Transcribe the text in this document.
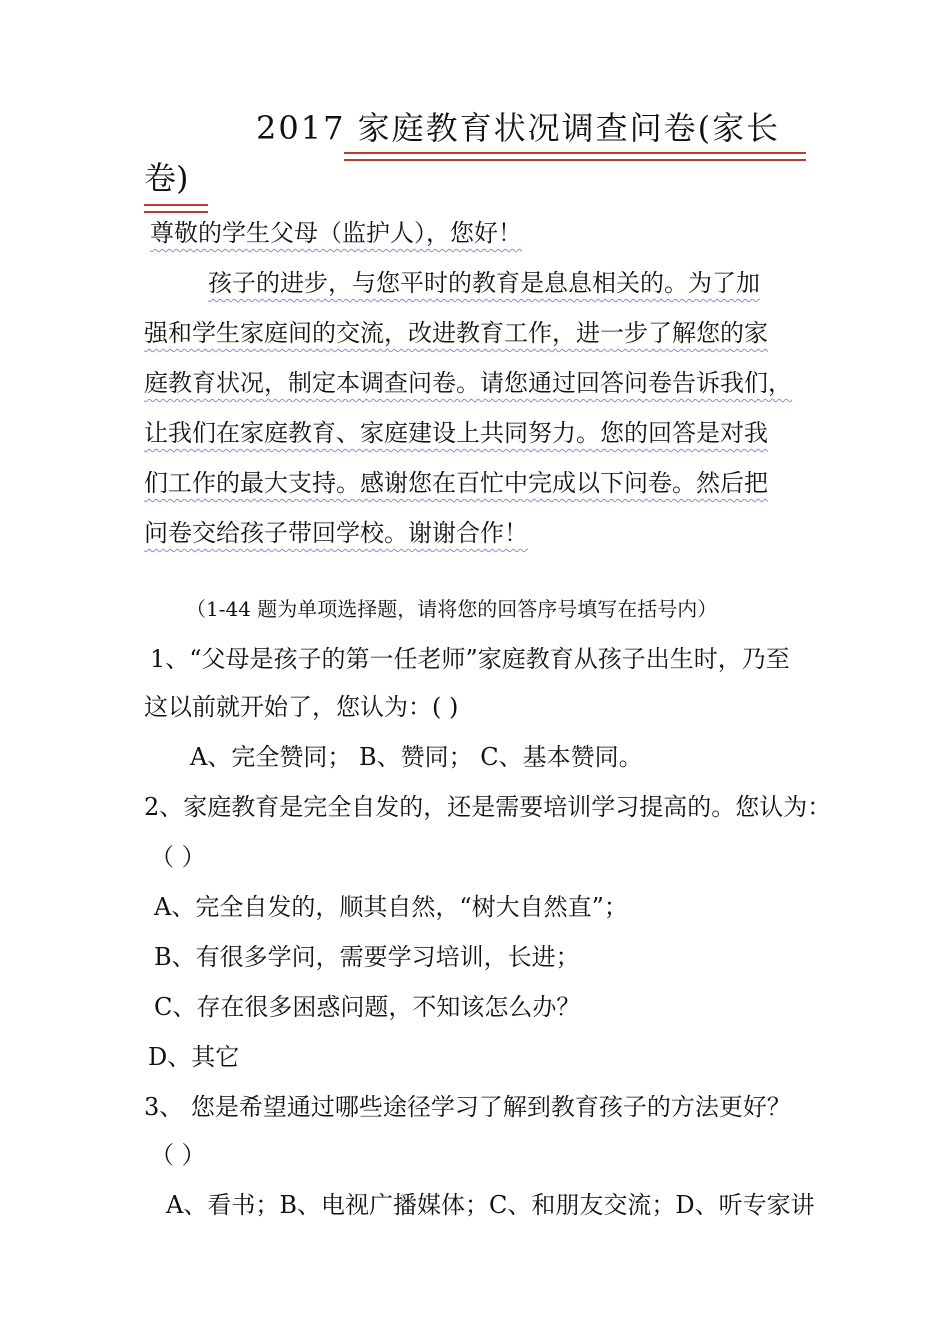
2017 家庭教育状况调查问卷(家长
卷)
尊敬的学生父母（监护人），您好！
孩子的进步，与您平时的教育是息息相关的。为了加
强和学生家庭间的交流，改进教育工作，进一步了解您的家
庭教育状况，制定本调查问卷。请您通过回答问卷告诉我们，
让我们在家庭教育、家庭建设上共同努力。您的回答是对我
们工作的最大支持。感谢您在百忙中完成以下问卷。然后把
问卷交给孩子带回学校。谢谢合作！
（1-44 题为单项选择题，请将您的回答序号填写在括号内）
1、“父母是孩子的第一任老师”家庭教育从孩子出生时，乃至
这以前就开始了，您认为：( )
A、完全赞同； B、赞同； C、基本赞同。
2、家庭教育是完全自发的，还是需要培训学习提高的。您认为：
（ ）
A、完全自发的，顺其自然，“树大自然直”；
B、有很多学问，需要学习培训，长进；
C、存在很多困惑问题，不知该怎么办？
D、其它
3、 您是希望通过哪些途径学习了解到教育孩子的方法更好？
（ ）
A、看书；B、电视广播媒体；C、和朋友交流；D、听专家讲
